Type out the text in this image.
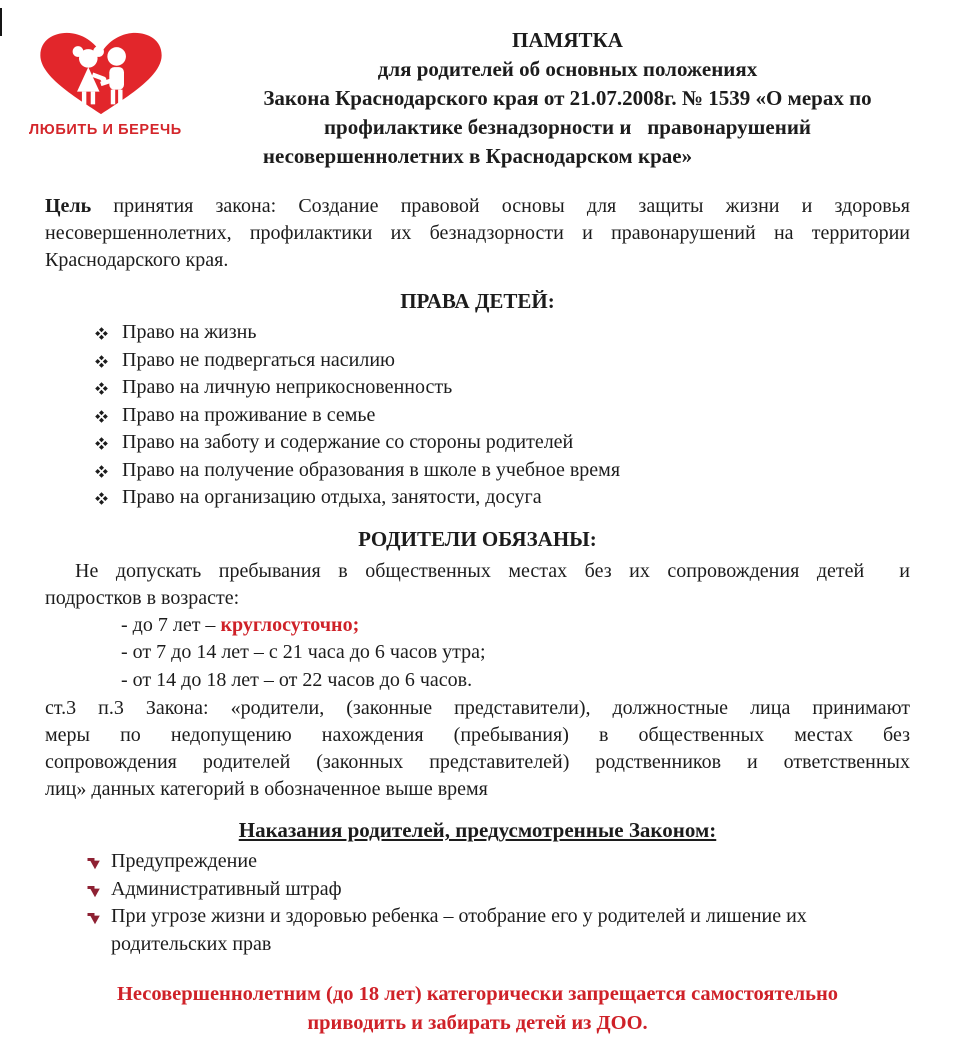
ЛЮБИТЬ И БЕРЕЧЬ
ПАМЯТКА
для родителей об основных положениях
Закона Краснодарского края от 21.07.2008г. № 1539 «О мерах по
профилактике безнадзорности и   правонарушений
несовершеннолетних в Краснодарском крае»
Цель принятия закона: Создание правовой основы для защиты жизни и здоровья
несовершеннолетних, профилактики их безнадзорности и правонарушений на территории
Краснодарского края.
ПРАВА ДЕТЕЙ:
Право на жизнь
Право не подвергаться насилию
Право на личную неприкосновенность
Право на проживание в семье
Право на заботу и содержание со стороны родителей
Право на получение образования в школе в учебное время
Право на организацию отдыха, занятости, досуга
РОДИТЕЛИ ОБЯЗАНЫ:
Не допускать пребывания в общественных местах без их сопровождения детей  и
подростков в возрасте:
- до 7 лет – круглосуточно;
- от 7 до 14 лет – с 21 часа до 6 часов утра;
- от 14 до 18 лет – от 22 часов до 6 часов.
ст.3 п.3 Закона: «родители, (законные представители), должностные лица принимают
меры по недопущению нахождения (пребывания) в общественных местах без
сопровождения родителей (законных представителей) родственников и ответственных
лиц» данных категорий в обозначенное выше время
Наказания родителей, предусмотренные Законом:
Предупреждение
Административный штраф
При угрозе жизни и здоровью ребенка – отобрание его у родителей и лишение их родительских прав
Несовершеннолетним (до 18 лет) категорически запрещается самостоятельно
приводить и забирать детей из ДОО.
